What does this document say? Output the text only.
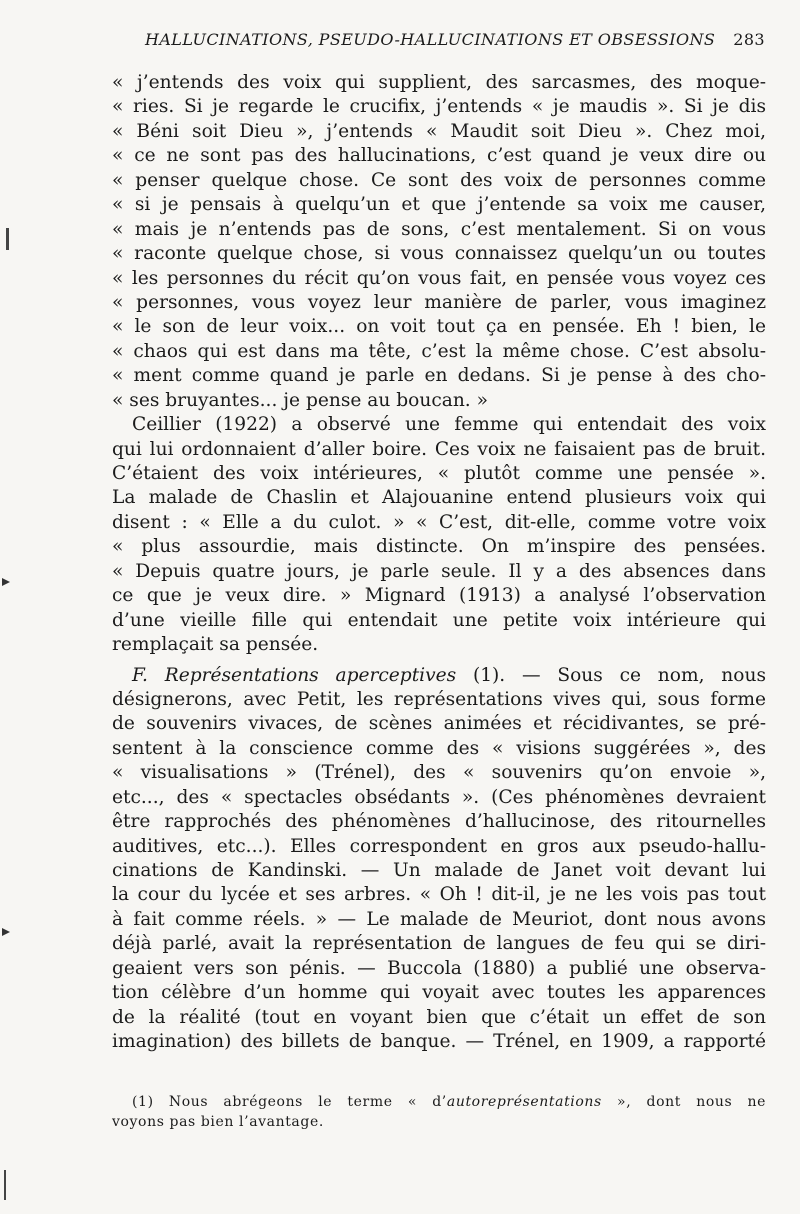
HALLUCINATIONS, PSEUDO-HALLUCINATIONS ET OBSESSIONS 283
« j’entends des voix qui supplient, des sarcasmes, des moque-
« ries. Si je regarde le crucifix, j’entends « je maudis ». Si je dis
« Béni soit Dieu », j’entends « Maudit soit Dieu ». Chez moi,
« ce ne sont pas des hallucinations, c’est quand je veux dire ou
« penser quelque chose. Ce sont des voix de personnes comme
« si je pensais à quelqu’un et que j’entende sa voix me causer,
« mais je n’entends pas de sons, c’est mentalement. Si on vous
« raconte quelque chose, si vous connaissez quelqu’un ou toutes
« les personnes du récit qu’on vous fait, en pensée vous voyez ces
« personnes, vous voyez leur manière de parler, vous imaginez
« le son de leur voix... on voit tout ça en pensée. Eh ! bien, le
« chaos qui est dans ma tête, c’est la même chose. C’est absolu-
« ment comme quand je parle en dedans. Si je pense à des cho-
« ses bruyantes... je pense au boucan. »
Ceillier (1922) a observé une femme qui entendait des voix
qui lui ordonnaient d’aller boire. Ces voix ne faisaient pas de bruit.
C’étaient des voix intérieures, « plutôt comme une pensée ».
La malade de Chaslin et Alajouanine entend plusieurs voix qui
disent : « Elle a du culot. » « C’est, dit-elle, comme votre voix
« plus assourdie, mais distincte. On m’inspire des pensées.
« Depuis quatre jours, je parle seule. Il y a des absences dans
ce que je veux dire. » Mignard (1913) a analysé l’observation
d’une vieille fille qui entendait une petite voix intérieure qui
remplaçait sa pensée.
F. Représentations aperceptives (1). — Sous ce nom, nous
désignerons, avec Petit, les représentations vives qui, sous forme
de souvenirs vivaces, de scènes animées et récidivantes, se pré-
sentent à la conscience comme des « visions suggérées », des
« visualisations » (Trénel), des « souvenirs qu’on envoie »,
etc..., des « spectacles obsédants ». (Ces phénomènes devraient
être rapprochés des phénomènes d’hallucinose, des ritournelles
auditives, etc...). Elles correspondent en gros aux pseudo-hallu-
cinations de Kandinski. — Un malade de Janet voit devant lui
la cour du lycée et ses arbres. « Oh ! dit-il, je ne les vois pas tout
à fait comme réels. » — Le malade de Meuriot, dont nous avons
déjà parlé, avait la représentation de langues de feu qui se diri-
geaient vers son pénis. — Buccola (1880) a publié une observa-
tion célèbre d’un homme qui voyait avec toutes les apparences
de la réalité (tout en voyant bien que c’était un effet de son
imagination) des billets de banque. — Trénel, en 1909, a rapporté
(1) Nous abrégeons le terme « d’autoreprésentations », dont nous ne
voyons pas bien l’avantage.
